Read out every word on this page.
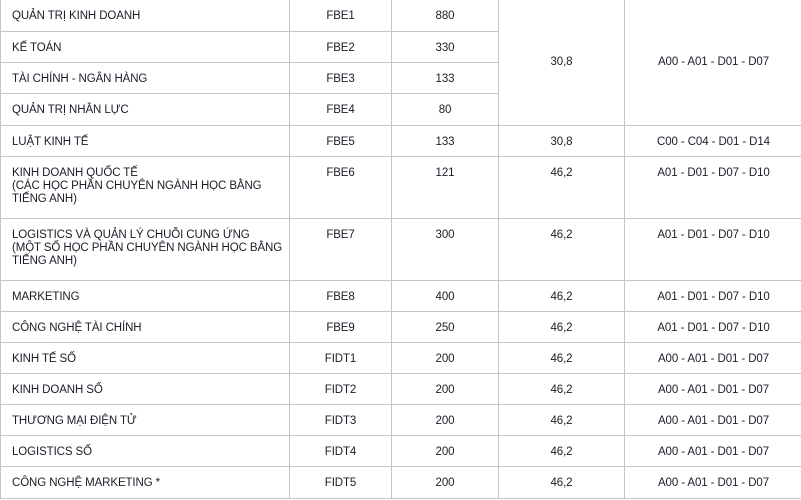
QUẢN TRỊ KINH DOANH	FBE1	880	30,8	A00 - A01 - D01 - D07
KẾ TOÁN	FBE2	330		
TÀI CHÍNH - NGÂN HÀNG	FBE3	133		
QUẢN TRỊ NHÂN LỰC	FBE4	80		
LUẬT KINH TẾ	FBE5	133	30,8	C00 - C04 - D01 - D14
KINH DOANH QUỐC TẾ
(CÁC HỌC PHẦN CHUYÊN NGÀNH HỌC BẰNG TIẾNG ANH)	FBE6	121	46,2	A01 - D01 - D07 - D10
LOGISTICS VÀ QUẢN LÝ CHUỖI CUNG ỨNG
(MỘT SỐ HỌC PHẦN CHUYÊN NGÀNH HỌC BẰNG TIẾNG ANH)	FBE7	300	46,2	A01 - D01 - D07 - D10
MARKETING	FBE8	400	46,2	A01 - D01 - D07 - D10
CÔNG NGHỆ TÀI CHÍNH	FBE9	250	46,2	A01 - D01 - D07 - D10
KINH TẾ SỐ	FIDT1	200	46,2	A00 - A01 - D01 - D07
KINH DOANH SỐ	FIDT2	200	46,2	A00 - A01 - D01 - D07
THƯƠNG MẠI ĐIỆN TỬ	FIDT3	200	46,2	A00 - A01 - D01 - D07
LOGISTICS SỐ	FIDT4	200	46,2	A00 - A01 - D01 - D07
CÔNG NGHỆ MARKETING *	FIDT5	200	46,2	A00 - A01 - D01 - D07
